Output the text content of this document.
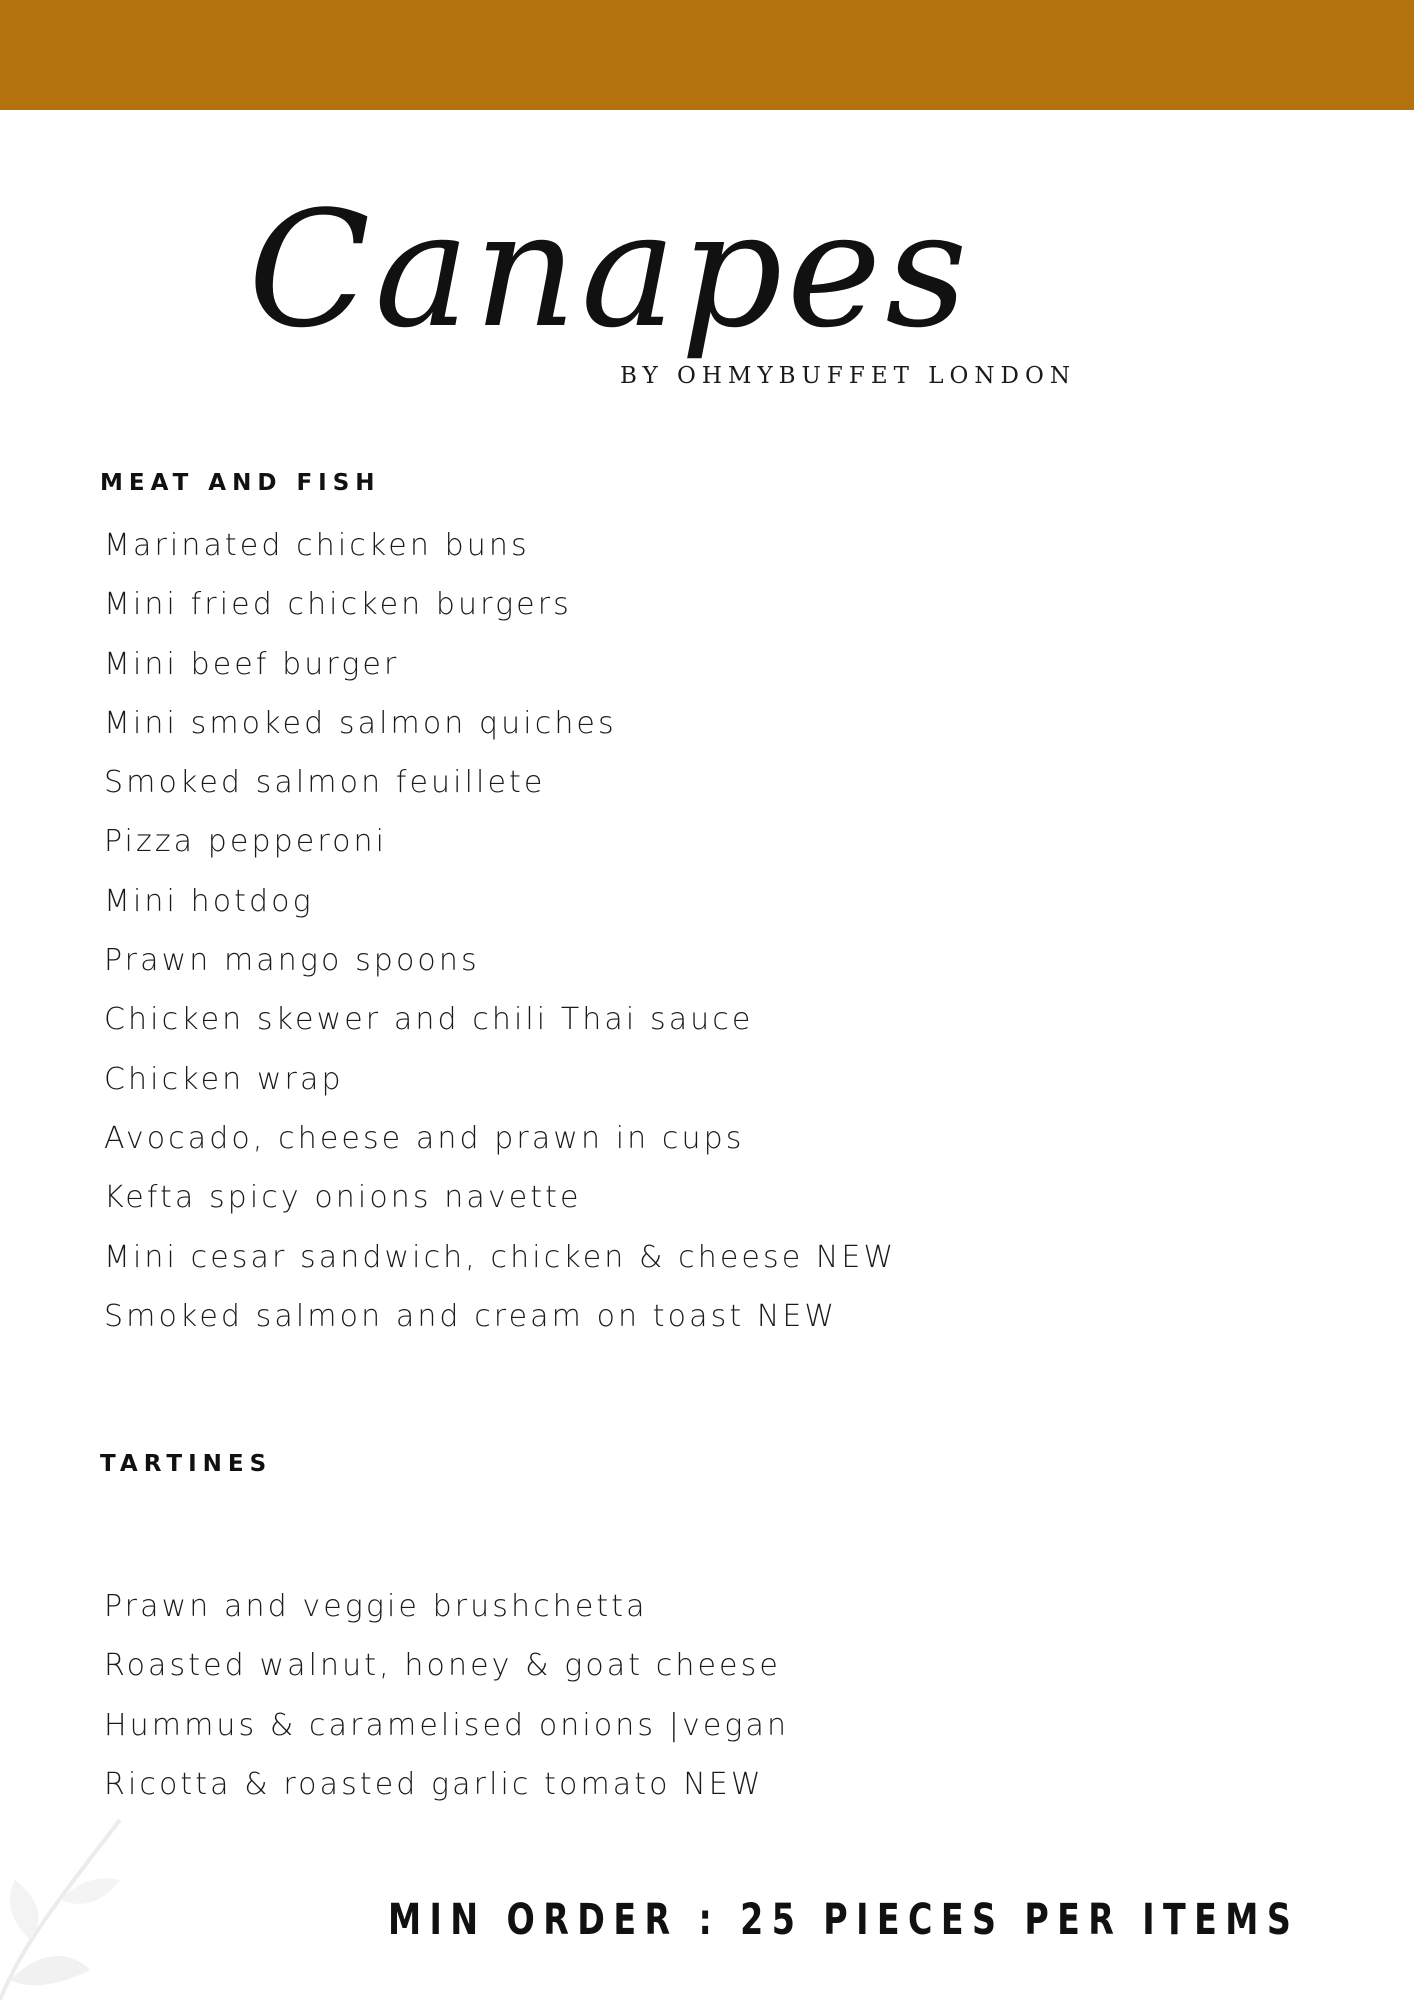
Canapes
BY OHMYBUFFET LONDON
MEAT AND FISH
Marinated chicken buns
Mini fried chicken burgers
Mini beef burger
Mini smoked salmon quiches
Smoked salmon feuillete
Pizza pepperoni
Mini hotdog
Prawn mango spoons
Chicken skewer and chili Thai sauce
Chicken wrap
Avocado, cheese and prawn in cups
Kefta spicy onions navette
Mini cesar sandwich, chicken & cheese NEW
Smoked salmon and cream on toast NEW
TARTINES
Prawn and veggie brushchetta
Roasted walnut, honey & goat cheese
Hummus & caramelised onions |vegan
Ricotta & roasted garlic tomato NEW
MIN ORDER : 25 PIECES PER ITEMS
